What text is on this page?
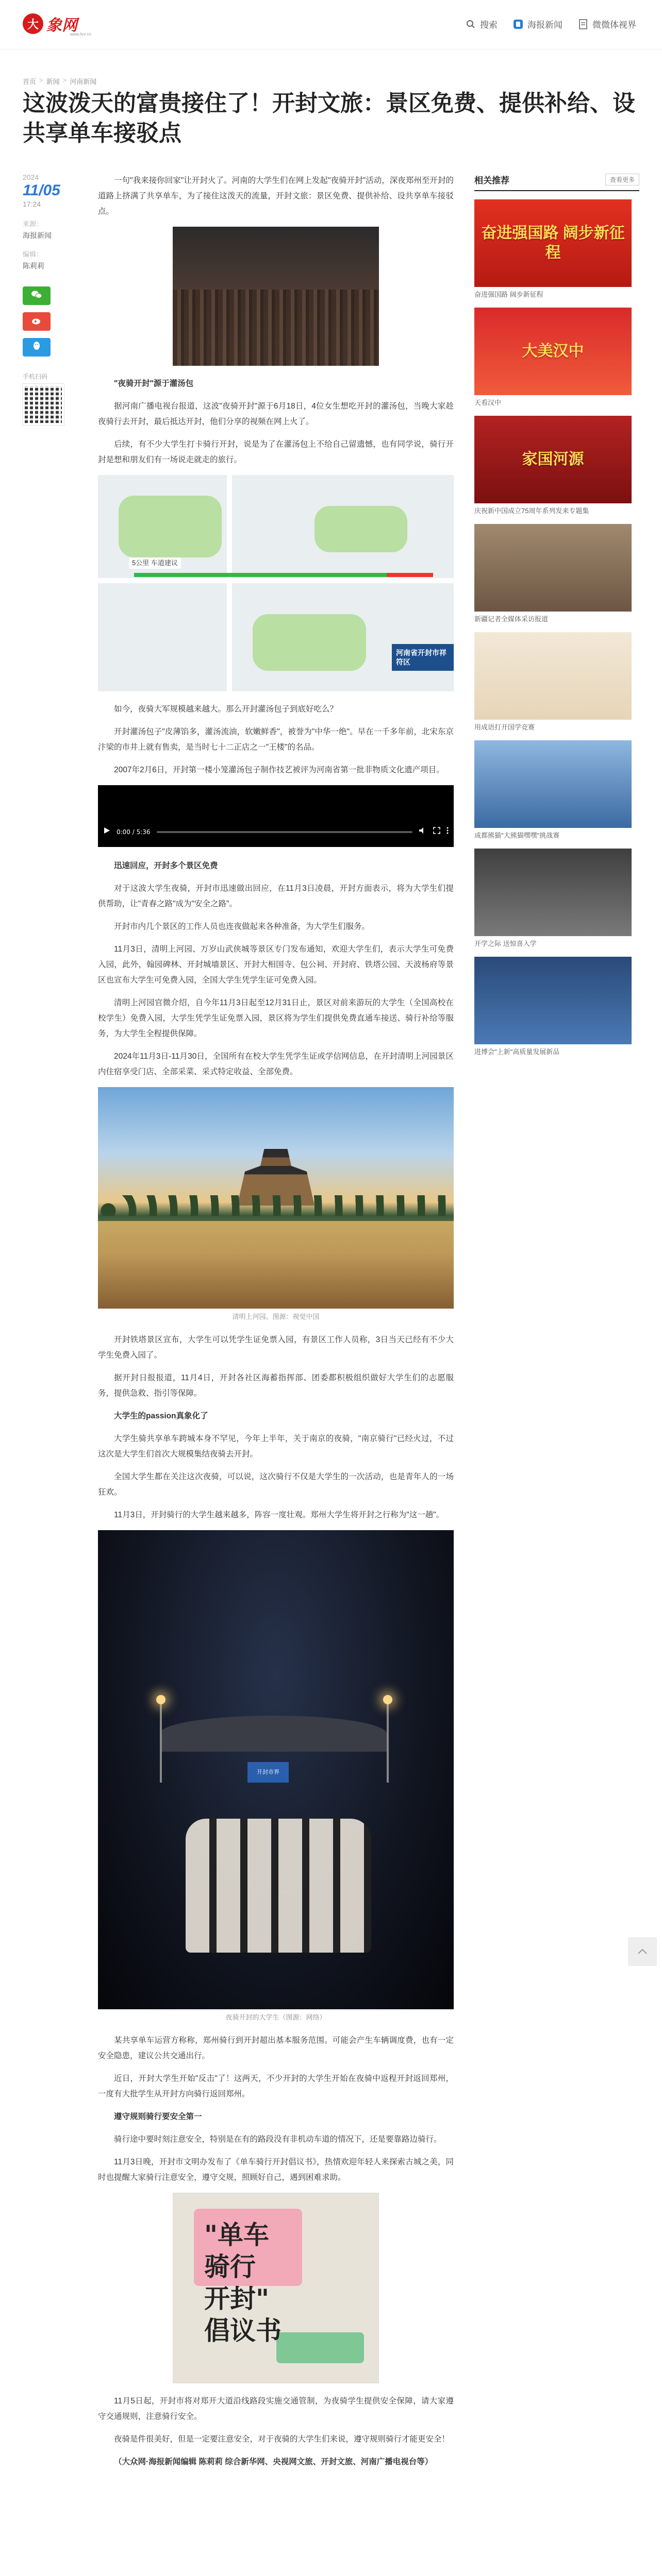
大 象网
www.hnr.cn
搜索	海报新闻	微微体视界
首页 > 新闻 > 河南新闻
这波泼天的富贵接住了！开封文旅：景区免费、提供补给、设共享单车接驳点
2024
11/05
17:24
来源：
海报新闻
编辑：
陈莉莉
手机扫码

一句"我来接你回家"让开封火了。河南的大学生们在网上发起"夜骑开封"活动，深夜郑州至开封的道路上挤满了共享单车，为了接住这泼天的流量，开封文旅：景区免费、提供补给、设共享单车接驳点。

"夜骑开封"源于灌汤包

据河南广播电视台报道，这波"夜骑开封"源于6月18日，4位女生想吃开封的灌汤包，当晚大家趁夜骑行去开封，最后抵达开封，他们分享的视频在网上火了。

后续，有不少大学生打卡骑行开封，说是为了在灌汤包上不给自己留遗憾，也有同学说，骑行开封是想和朋友们有一场说走就走的旅行。

5公里 车道建议
河南省开封市祥符区

如今，夜骑大军规模越来越大。那么开封灌汤包子到底好吃么？

开封灌汤包子"皮薄馅多，灌汤流油，软嫩鲜香"，被誉为"中华一绝"。早在一千多年前，北宋东京汴梁的市井上就有售卖，是当时七十二正店之一"王楼"的名品。

2007年2月6日，开封第一楼小笼灌汤包子制作技艺被评为河南省第一批非物质文化遗产项目。

0:00 / 5:36

迅速回应，开封多个景区免费

对于这波大学生夜骑，开封市迅速做出回应，在11月3日凌晨，开封方面表示，将为大学生们提供帮助，让"青春之路"成为"安全之路"。

开封市内几个景区的工作人员也连夜做起来各种准备，为大学生们服务。

11月3日，清明上河园、万岁山武侠城等景区专门发布通知，欢迎大学生们，表示大学生可免费入园，此外，翰园碑林、开封城墙景区、开封大相国寺、包公祠、开封府、铁塔公园、天波杨府等景区也宣布大学生可免费入园，全国大学生凭学生证可免费入园。

清明上河园官微介绍，自今年11月3日起至12月31日止，景区对前来游玩的大学生（全国高校在校学生）免费入园，大学生凭学生证免票入园，景区将为学生们提供免费直通车接送、骑行补给等服务，为大学生全程提供保障。

2024年11月3日-11月30日，全国所有在校大学生凭学生证或学信网信息，在开封清明上河园景区内住宿享受门店、全部采菜、采式特定收益、全部免费。

清明上河园。图源：视觉中国

开封铁塔景区宣布，大学生可以凭学生证免票入园，有景区工作人员称，3日当天已经有不少大学生免费入园了。

据开封日报报道，11月4日，开封各社区海蓄指挥部、团委都积极组织做好大学生们的志愿服务，提供急救、指引等保障。

大学生的passion真象化了

大学生骑共享单车跨城本身不罕见，今年上半年，关于南京的夜骑，"南京骑行"已经火过，不过这次是大学生们首次大规模集结夜骑去开封。

全国大学生都在关注这次夜骑，可以说，这次骑行不仅是大学生的一次活动，也是青年人的一场狂欢。

11月3日，开封骑行的大学生越来越多，阵容一度壮观。郑州大学生将开封之行称为"这一趟"。

开封市界
夜骑开封的大学生（图源：网络）

某共享单车运营方称称，郑州骑行到开封超出基本服务范围。可能会产生车辆调度费，也有一定安全隐患，建议公共交通出行。

近日，开封大学生开始"反击"了！这两天，不少开封的大学生开始在夜骑中返程开封返回郑州，一度有大批学生从开封方向骑行返回郑州。

遵守规则骑行要安全第一

骑行途中要时刻注意安全，特别是在有的路段没有非机动车道的情况下，还是要靠路边骑行。

11月3日晚，开封市文明办发布了《单车骑行开封倡议书》，热情欢迎年轻人来探索古城之美，同时也提醒大家骑行注意安全，遵守交规，照顾好自己，遇到困难求助。

"单车
骑行
开封"
倡议书

11月5日起，开封市将对郑开大道沿线路段实施交通管制，为夜骑学生提供安全保障，请大家遵守交通规则，注意骑行安全。

夜骑是件很美好，但是一定要注意安全，对于夜骑的大学生们来说，遵守规则骑行才能更安全！

（大众网·海报新闻编辑 陈莉莉 综合新华网、央视网文旅、开封文旅、河南广播电视台等）

相关推荐	查看更多
奋进强国路 阔步新征程
奋进强国路 阔步新征程
大美汉中
天看汉中
家国河源
庆祝新中国成立75周年系列发来专题集
新疆记者全媒体采访报道
用成语打开国学竞赛
成都熊猫"大熊猫嘿嘿"挑战赛
开学之际 送惊喜入学
进博会"上新"高质量发展新品
